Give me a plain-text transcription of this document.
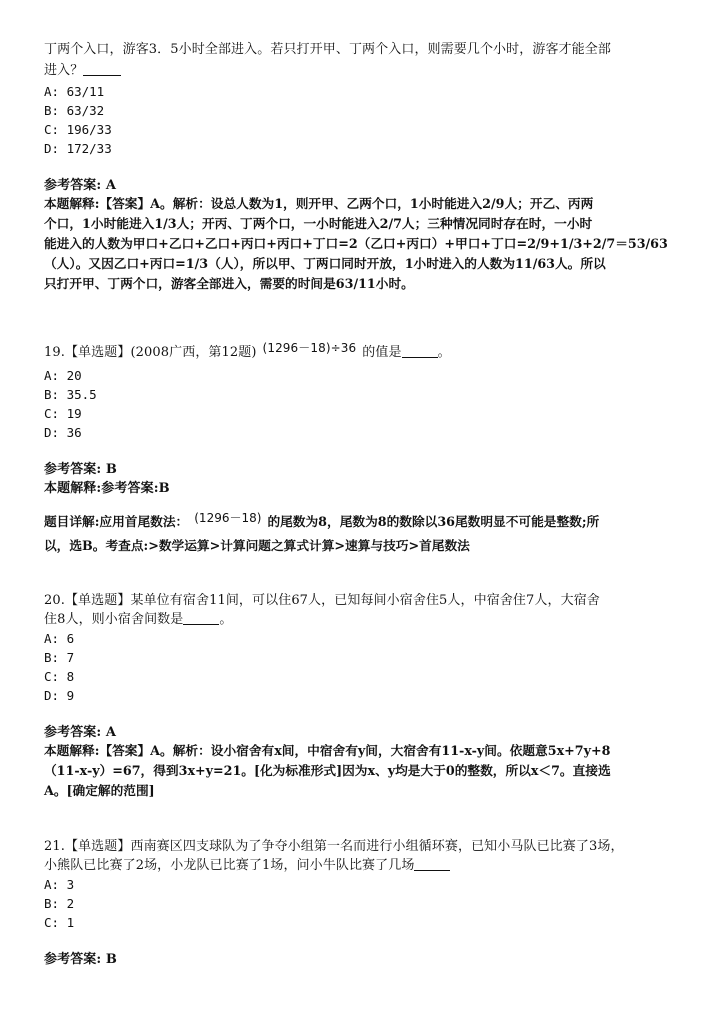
丁两个入口，游客3．5小时全部进入。若只打开甲、丁两个入口，则需要几个小时，游客才能全部
进入？
A: 63/11
B: 63/32
C: 196/33
D: 172/33
参考答案: A
本题解释:【答案】A。解析：设总人数为1，则开甲、乙两个口，1小时能进入2/9人；开乙、丙两
个口，1小时能进入1/3人；开丙、丁两个口，一小时能进入2/7人；三种情况同时存在时，一小时
能进入的人数为甲口+乙口+乙口+丙口+丙口+丁口=2（乙口+丙口）+甲口+丁口=2/9+1/3+2/7＝53/63
（人）。又因乙口+丙口=1/3（人），所以甲、丁两口同时开放，1小时进入的人数为11/63人。所以
只打开甲、丁两个口，游客全部进入，需要的时间是63/11小时。
19.【单选题】(2008广西，第12题) (1296－18)÷36 的值是	。
A: 20
B: 35.5
C: 19
D: 36
参考答案: B
本题解释:参考答案:B
题目详解:应用首尾数法： (1296－18) 的尾数为8，尾数为8的数除以36尾数明显不可能是整数;所
以，选B。考查点:>数学运算>计算问题之算式计算>速算与技巧>首尾数法
20.【单选题】某单位有宿舍11间，可以住67人，已知每间小宿舍住5人，中宿舍住7人，大宿舍
住8人，则小宿舍间数是	。
A: 6
B: 7
C: 8
D: 9
参考答案: A
本题解释:【答案】A。解析：设小宿舍有x间，中宿舍有y间，大宿舍有11-x-y间。依题意5x+7y+8
（11-x-y）=67，得到3x+y=21。[化为标准形式]因为x、y均是大于0的整数，所以x＜7。直接选
A。[确定解的范围]
21.【单选题】西南赛区四支球队为了争夺小组第一名而进行小组循环赛，已知小马队已比赛了3场，
小熊队已比赛了2场，小龙队已比赛了1场，问小牛队比赛了几场
A: 3
B: 2
C: 1
参考答案: B
